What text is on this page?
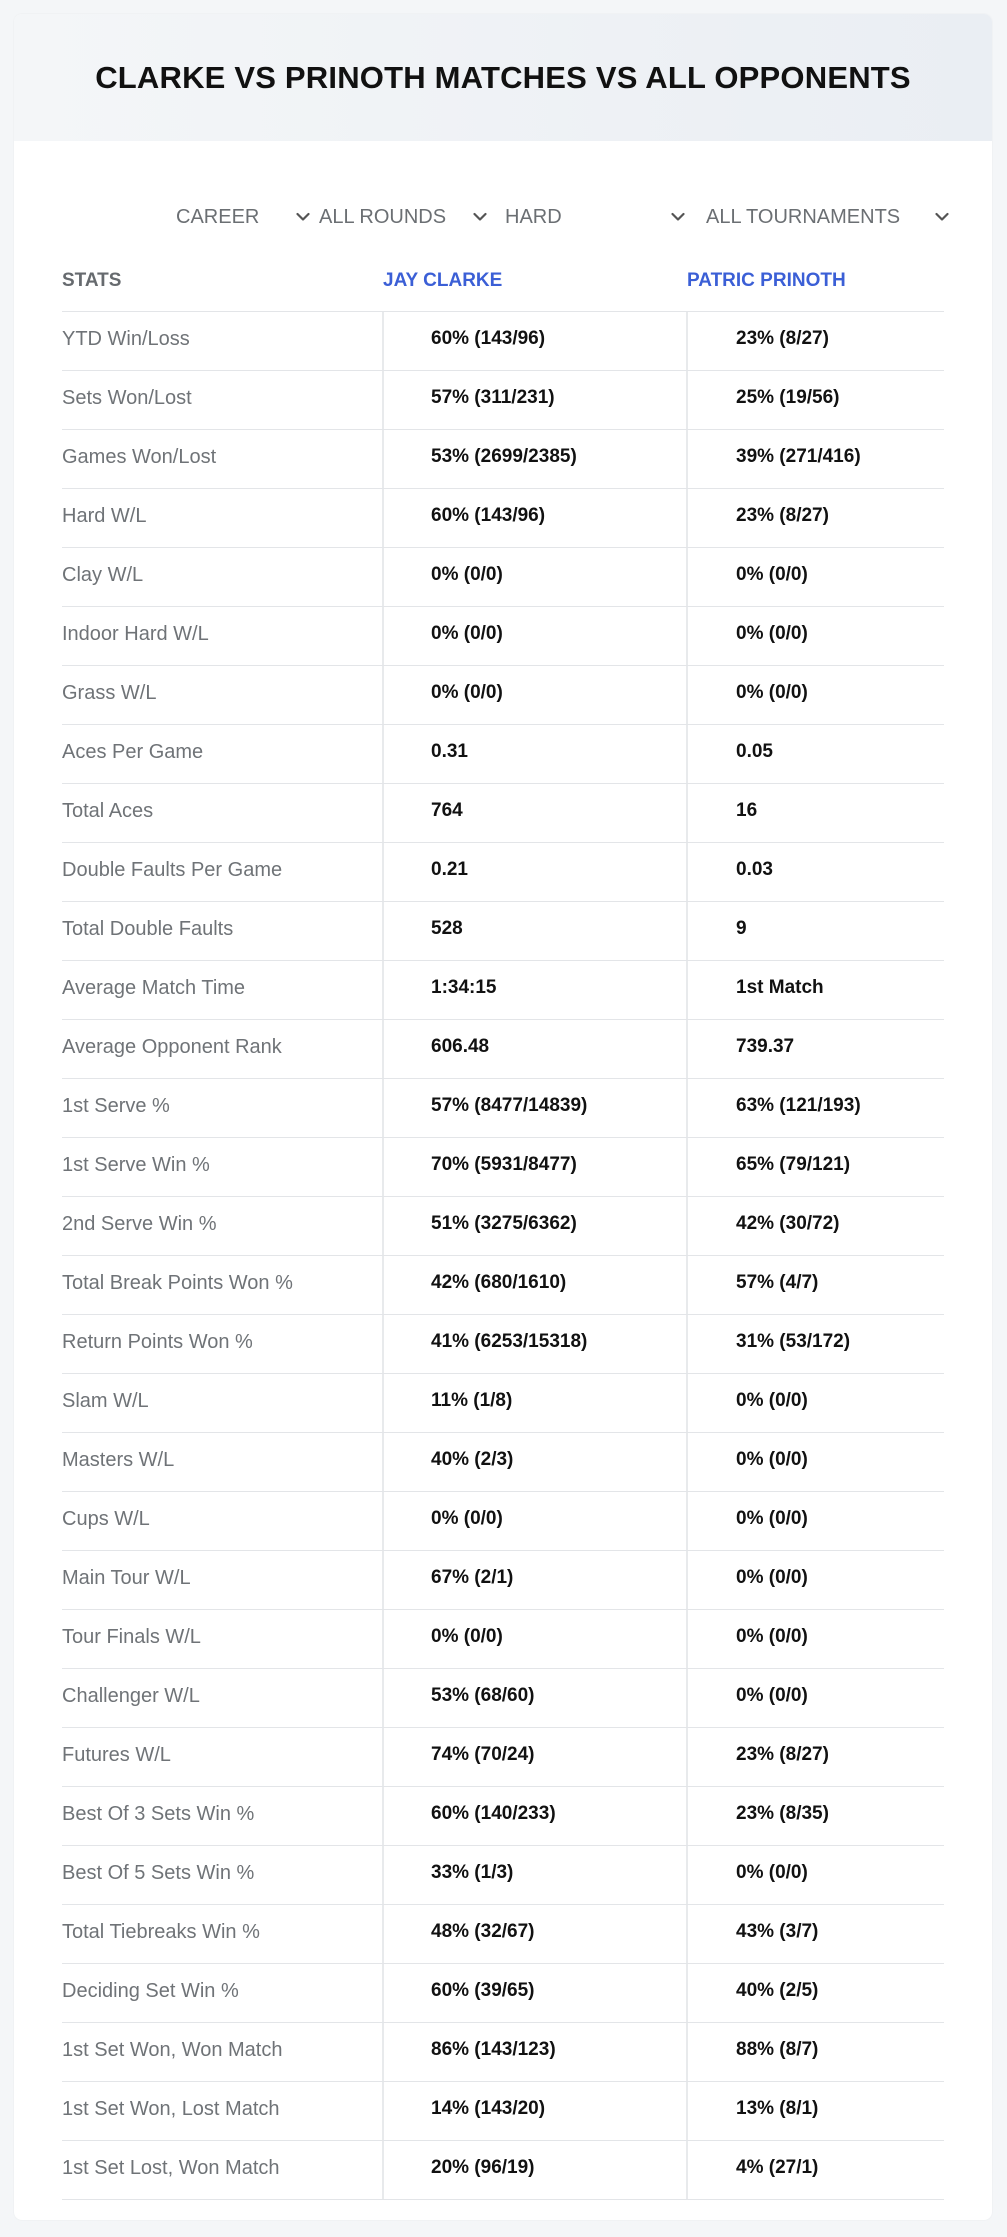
CLARKE VS PRINOTH MATCHES VS ALL OPPONENTS
CAREER	ALL ROUNDS	HARD	ALL TOURNAMENTS
STATS	JAY CLARKE	PATRIC PRINOTH
YTD Win/Loss	60% (143/96)	23% (8/27)
Sets Won/Lost	57% (311/231)	25% (19/56)
Games Won/Lost	53% (2699/2385)	39% (271/416)
Hard W/L	60% (143/96)	23% (8/27)
Clay W/L	0% (0/0)	0% (0/0)
Indoor Hard W/L	0% (0/0)	0% (0/0)
Grass W/L	0% (0/0)	0% (0/0)
Aces Per Game	0.31	0.05
Total Aces	764	16
Double Faults Per Game	0.21	0.03
Total Double Faults	528	9
Average Match Time	1:34:15	1st Match
Average Opponent Rank	606.48	739.37
1st Serve %	57% (8477/14839)	63% (121/193)
1st Serve Win %	70% (5931/8477)	65% (79/121)
2nd Serve Win %	51% (3275/6362)	42% (30/72)
Total Break Points Won %	42% (680/1610)	57% (4/7)
Return Points Won %	41% (6253/15318)	31% (53/172)
Slam W/L	11% (1/8)	0% (0/0)
Masters W/L	40% (2/3)	0% (0/0)
Cups W/L	0% (0/0)	0% (0/0)
Main Tour W/L	67% (2/1)	0% (0/0)
Tour Finals W/L	0% (0/0)	0% (0/0)
Challenger W/L	53% (68/60)	0% (0/0)
Futures W/L	74% (70/24)	23% (8/27)
Best Of 3 Sets Win %	60% (140/233)	23% (8/35)
Best Of 5 Sets Win %	33% (1/3)	0% (0/0)
Total Tiebreaks Win %	48% (32/67)	43% (3/7)
Deciding Set Win %	60% (39/65)	40% (2/5)
1st Set Won, Won Match	86% (143/123)	88% (8/7)
1st Set Won, Lost Match	14% (143/20)	13% (8/1)
1st Set Lost, Won Match	20% (96/19)	4% (27/1)
